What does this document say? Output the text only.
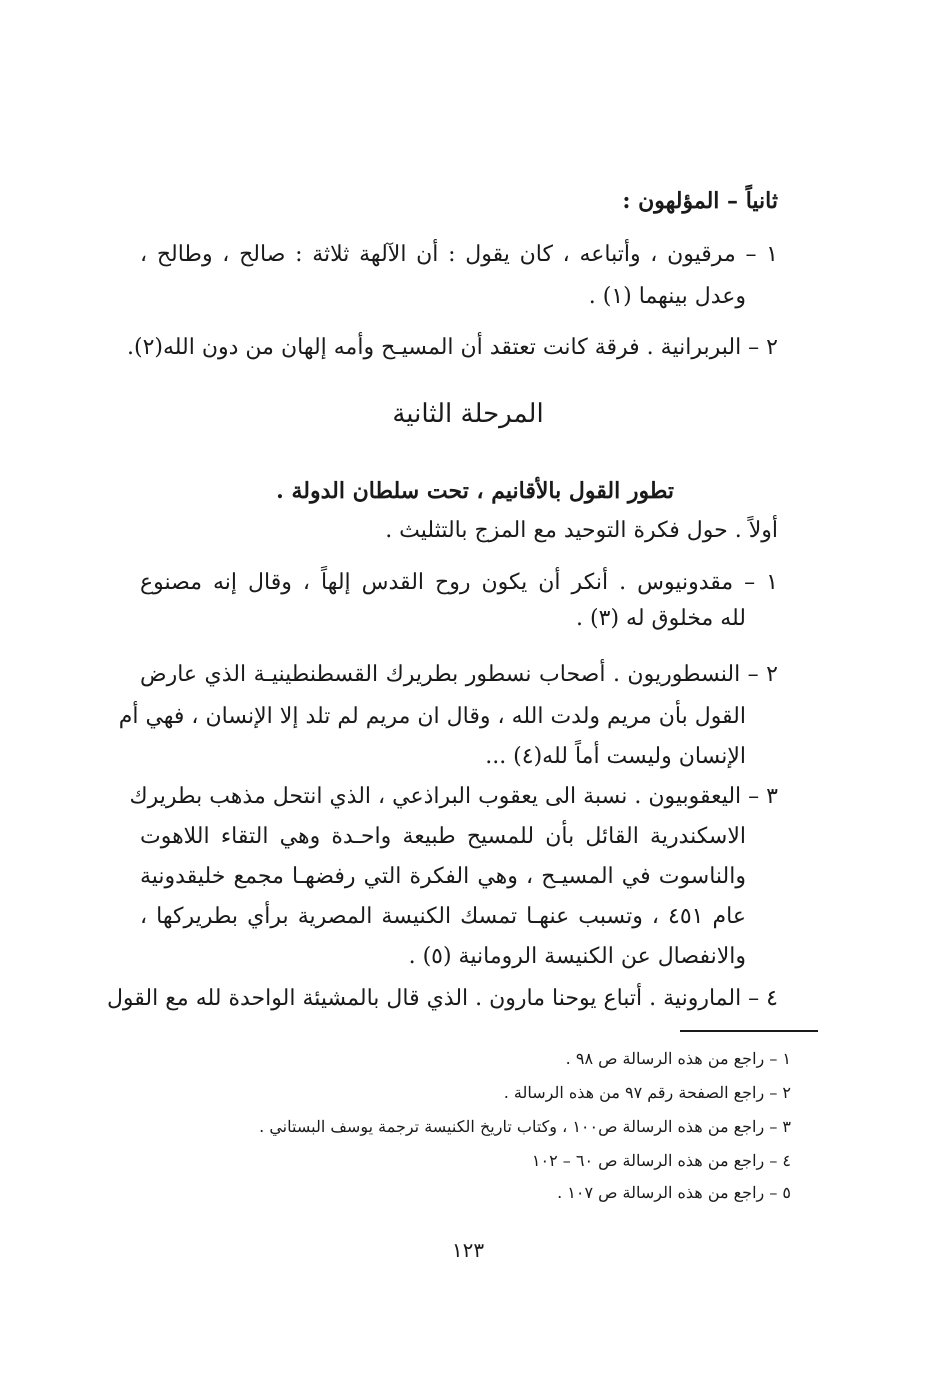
ثانياً – المؤلهون :
١ – مرقيون ، وأتباعه ، كان يقول : أن الآلهة ثلاثة : صالح ، وطالح ،
وعدل بينهما (١) .
٢ – البربرانية . فرقة كانت تعتقد أن المسيـح وأمه إلهان من دون الله(٢).
المرحلة الثانية
تطور القول بالأقانيم ، تحت سلطان الدولة .
أولاً . حول فكرة التوحيد مع المزج بالتثليث .
١ – مقدونيوس . أنكر أن يكون روح القدس إلهاً ، وقال إنه مصنوع
لله مخلوق له (٣) .
٢ – النسطوريون . أصحاب نسطور بطريرك القسطنطينيـة الذي عارض
القول بأن مريم ولدت الله ، وقال ان مريم لم تلد إلا الإنسان ، فهي أم
الإنسان وليست أماً لله(٤) ...
٣ – اليعقوبيون . نسبة الى يعقوب البراذعي ، الذي انتحل مذهب بطريرك
الاسكندرية القائل بأن للمسيح طبيعة واحـدة وهي التقاء اللاهوت
والناسوت في المسيـح ، وهي الفكرة التي رفضهـا مجمع خليقدونية
عام ٤٥١ ، وتسبب عنهـا تمسك الكنيسة المصرية برأي بطريركها ،
والانفصال عن الكنيسة الرومانية (٥) .
٤ – المارونية . أتباع يوحنا مارون . الذي قال بالمشيئة الواحدة لله مع القول
١ – راجع من هذه الرسالة ص ٩٨ .
٢ – راجع الصفحة رقم ٩٧ من هذه الرسالة .
٣ – راجع من هذه الرسالة ص١٠٠ ، وكتاب تاريخ الكنيسة ترجمة يوسف البستاني .
٤ – راجع من هذه الرسالة ص ٦٠ – ١٠٢
٥ – راجع من هذه الرسالة ص ١٠٧ .
١٢٣
